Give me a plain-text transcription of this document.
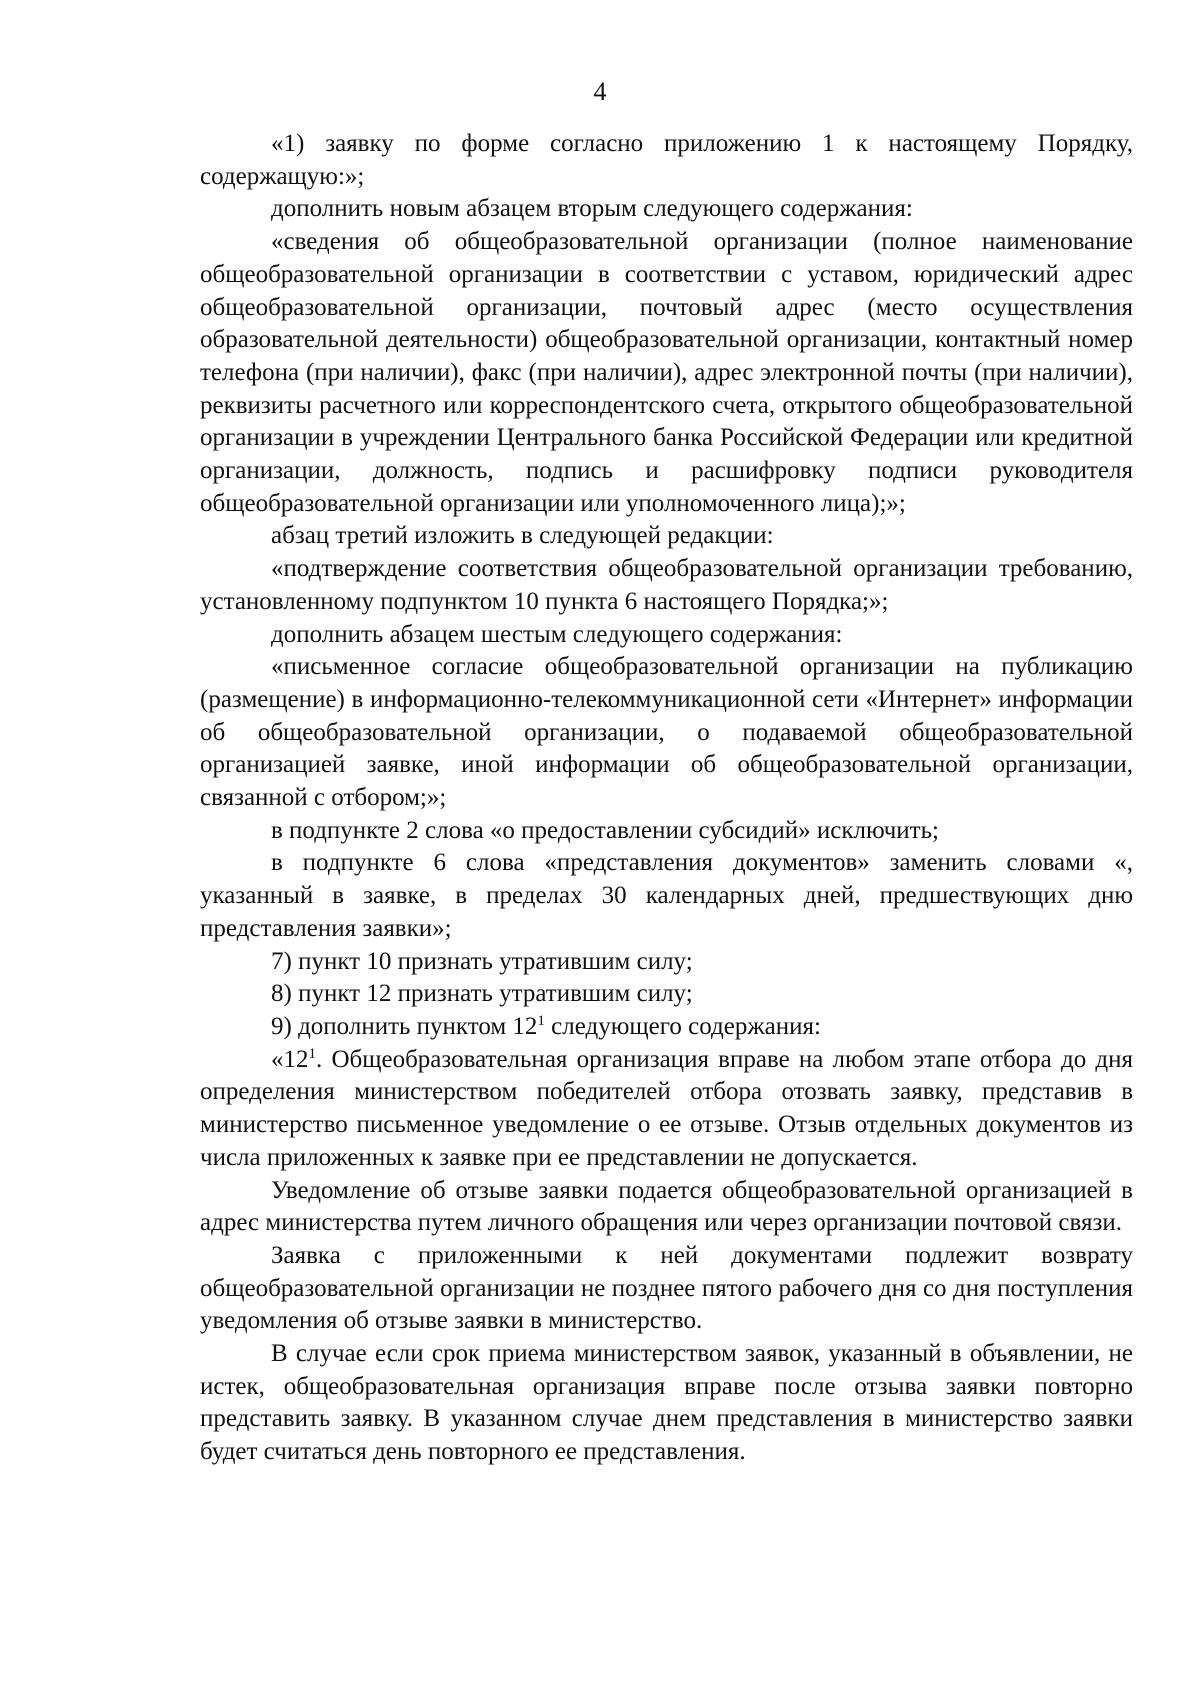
4

«1) заявку по форме согласно приложению 1 к настоящему Порядку, содержащую:»;

дополнить новым абзацем вторым следующего содержания:

«сведения об общеобразовательной организации (полное наименование общеобразовательной организации в соответствии с уставом, юридический адрес общеобразовательной организации, почтовый адрес (место осуществления образовательной деятельности) общеобразовательной организации, контактный номер телефона (при наличии), факс (при наличии), адрес электронной почты (при наличии), реквизиты расчетного или корреспондентского счета, открытого общеобразовательной организации в учреждении Центрального банка Российской Федерации или кредитной организации, должность, подпись и расшифровку подписи руководителя общеобразовательной организации или уполномоченного лица);»;

абзац третий изложить в следующей редакции:

«подтверждение соответствия общеобразовательной организации требованию, установленному подпунктом 10 пункта 6 настоящего Порядка;»;

дополнить абзацем шестым следующего содержания:

«письменное согласие общеобразовательной организации на публикацию (размещение) в информационно-телекоммуникационной сети «Интернет» информации об общеобразовательной организации, о подаваемой общеобразовательной организацией заявке, иной информации об общеобразовательной организации, связанной с отбором;»;

в подпункте 2 слова «о предоставлении субсидий» исключить;

в подпункте 6 слова «представления документов» заменить словами «, указанный в заявке, в пределах 30 календарных дней, предшествующих дню представления заявки»;

7) пункт 10 признать утратившим силу;

8) пункт 12 признать утратившим силу;

9) дополнить пунктом $12^1$ следующего содержания:

«$12^1$. Общеобразовательная организация вправе на любом этапе отбора до дня определения министерством победителей отбора отозвать заявку, представив в министерство письменное уведомление о ее отзыве. Отзыв отдельных документов из числа приложенных к заявке при ее представлении не допускается.

Уведомление об отзыве заявки подается общеобразовательной организацией в адрес министерства путем личного обращения или через организации почтовой связи.

Заявка с приложенными к ней документами подлежит возврату общеобразовательной организации не позднее пятого рабочего дня со дня поступления уведомления об отзыве заявки в министерство.

В случае если срок приема министерством заявок, указанный в объявлении, не истек, общеобразовательная организация вправе после отзыва заявки повторно представить заявку. В указанном случае днем представления в министерство заявки будет считаться день повторного ее представления.
